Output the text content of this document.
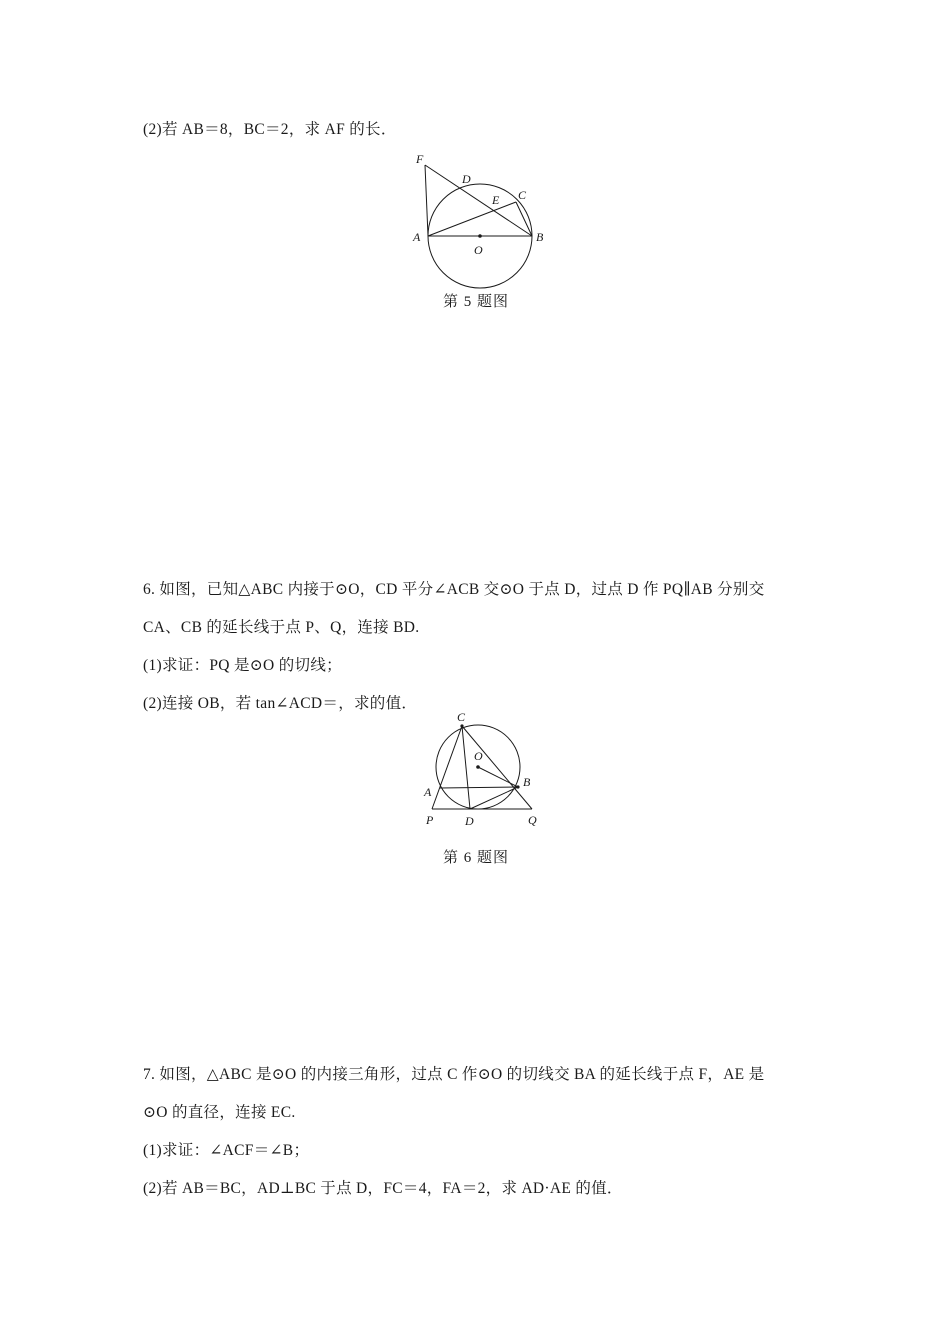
(2)若 AB＝8，BC＝2，求 AF 的长．
F
D
E C
A	B
O
第 5 题图
6. 如图，已知△ABC 内接于⊙O，CD 平分∠ACB 交⊙O 于点 D，过点 D 作 PQ∥AB 分别交
CA、CB 的延长线于点 P、Q，连接 BD.
(1)求证：PQ 是⊙O 的切线；
(2)连接 OB，若 tan∠ACD＝，求的值．
C
O
A
B
P	D	Q
第 6 题图
7. 如图，△ABC 是⊙O 的内接三角形，过点 C 作⊙O 的切线交 BA 的延长线于点 F，AE 是
⊙O 的直径，连接 EC.
(1)求证：∠ACF＝∠B；
(2)若 AB＝BC，AD⊥BC 于点 D，FC＝4，FA＝2，求 AD·AE 的值．
